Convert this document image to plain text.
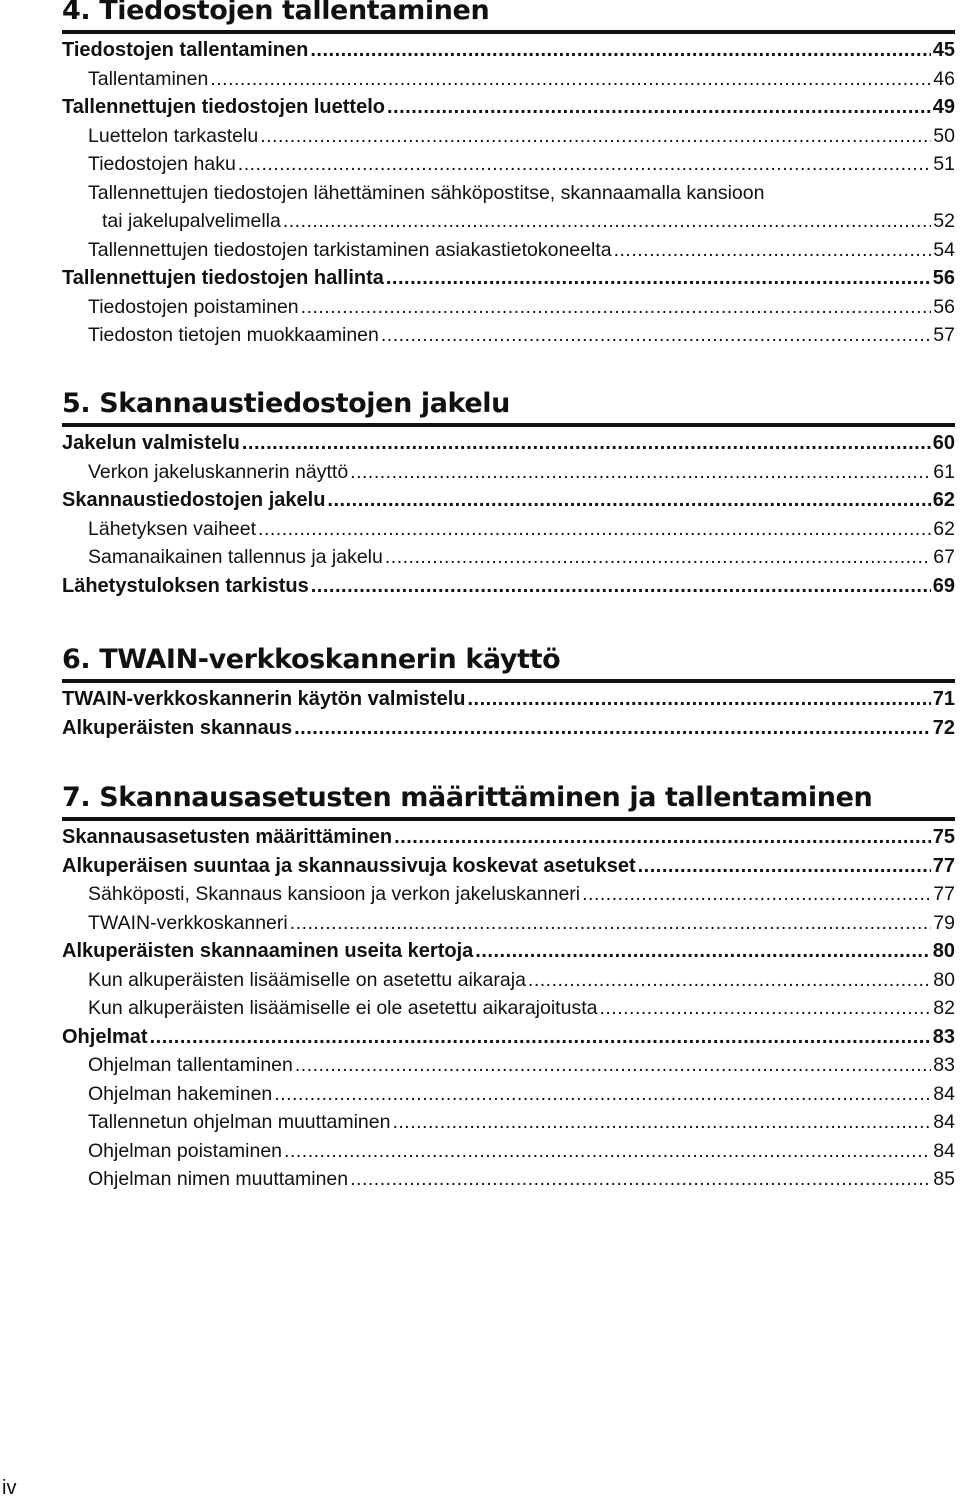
4. Tiedostojen tallentaminen
Tiedostojen tallentaminen .....	45
Tallentaminen .....	46
Tallennettujen tiedostojen luettelo .....	49
Luettelon tarkastelu .....	50
Tiedostojen haku .....	51
Tallennettujen tiedostojen lähettäminen sähköpostitse, skannaamalla kansioon
tai jakelupalvelimella .....	52
Tallennettujen tiedostojen tarkistaminen asiakastietokoneelta .....	54
Tallennettujen tiedostojen hallinta .....	56
Tiedostojen poistaminen .....	56
Tiedoston tietojen muokkaaminen .....	57
5. Skannaustiedostojen jakelu
Jakelun valmistelu .....	60
Verkon jakeluskannerin näyttö .....	61
Skannaustiedostojen jakelu .....	62
Lähetyksen vaiheet .....	62
Samanaikainen tallennus ja jakelu .....	67
Lähetystuloksen tarkistus .....	69
6. TWAIN-verkkoskannerin käyttö
TWAIN-verkkoskannerin käytön valmistelu .....	71
Alkuperäisten skannaus .....	72
7. Skannausasetusten määrittäminen ja tallentaminen
Skannausasetusten määrittäminen .....	75
Alkuperäisen suuntaa ja skannaussivuja koskevat asetukset .....	77
Sähköposti, Skannaus kansioon ja verkon jakeluskanneri .....	77
TWAIN-verkkoskanneri .....	79
Alkuperäisten skannaaminen useita kertoja .....	80
Kun alkuperäisten lisäämiselle on asetettu aikaraja .....	80
Kun alkuperäisten lisäämiselle ei ole asetettu aikarajoitusta .....	82
Ohjelmat .....	83
Ohjelman tallentaminen .....	83
Ohjelman hakeminen .....	84
Tallennetun ohjelman muuttaminen .....	84
Ohjelman poistaminen .....	84
Ohjelman nimen muuttaminen .....	85
iv
